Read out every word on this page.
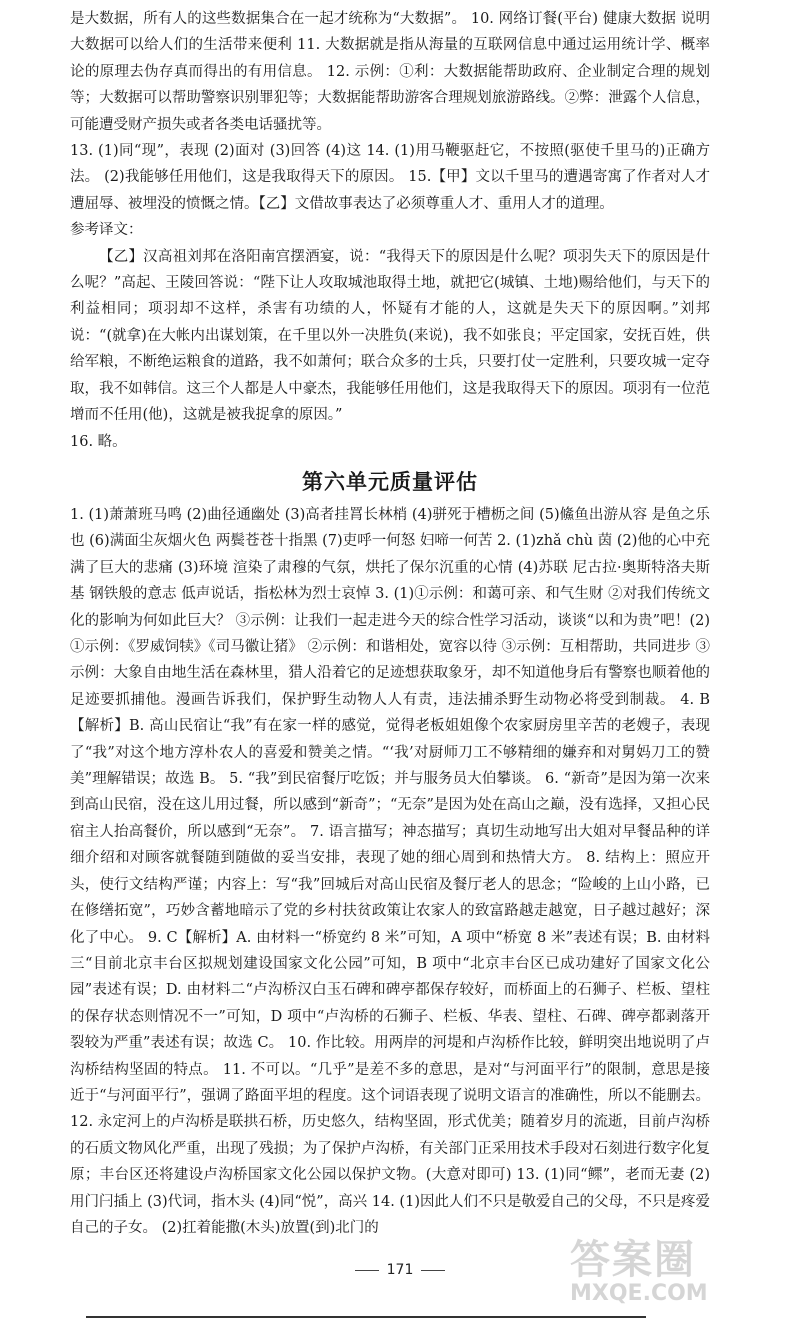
是大数据，所有人的这些数据集合在一起才统称为“大数据”。 10. 网络订餐(平台) 健康大数据 说明大数据可以给人们的生活带来便利 11. 大数据就是指从海量的互联网信息中通过运用统计学、概率论的原理去伪存真而得出的有用信息。 12. 示例：①利：大数据能帮助政府、企业制定合理的规划等；大数据可以帮助警察识别罪犯等；大数据能帮助游客合理规划旅游路线。②弊：泄露个人信息，可能遭受财产损失或者各类电话骚扰等。

13. (1)同“现”，表现 (2)面对 (3)回答 (4)这 14. (1)用马鞭驱赶它，不按照(驱使千里马的)正确方法。 (2)我能够任用他们，这是我取得天下的原因。 15.【甲】文以千里马的遭遇寄寓了作者对人才遭屈辱、被埋没的愤慨之情。【乙】文借故事表达了必须尊重人才、重用人才的道理。

参考译文：

【乙】汉高祖刘邦在洛阳南宫摆酒宴，说：“我得天下的原因是什么呢？项羽失天下的原因是什么呢？”高起、王陵回答说：“陛下让人攻取城池取得土地，就把它(城镇、土地)赐给他们，与天下的利益相同；项羽却不这样，杀害有功绩的人，怀疑有才能的人，这就是失天下的原因啊。”刘邦说：“(就拿)在大帐内出谋划策，在千里以外一决胜负(来说)，我不如张良；平定国家，安抚百姓，供给军粮，不断绝运粮食的道路，我不如萧何；联合众多的士兵，只要打仗一定胜利，只要攻城一定夺取，我不如韩信。这三个人都是人中豪杰，我能够任用他们，这是我取得天下的原因。项羽有一位范增而不任用(他)，这就是被我捉拿的原因。”

16. 略。

第六单元质量评估

1. (1)萧萧班马鸣 (2)曲径通幽处 (3)高者挂罥长林梢 (4)骈死于槽枥之间 (5)鯈鱼出游从容 是鱼之乐也 (6)满面尘灰烟火色 两鬓苍苍十指黑 (7)吏呼一何怒 妇啼一何苦 2. (1)zhǎ chù 茵 (2)他的心中充满了巨大的悲痛 (3)环境 渲染了肃穆的气氛，烘托了保尔沉重的心情 (4)苏联 尼古拉·奥斯特洛夫斯基 钢铁般的意志 低声说话，指松林为烈士哀悼 3. (1)①示例：和蔼可亲、和气生财 ②对我们传统文化的影响为何如此巨大？ ③示例：让我们一起走进今天的综合性学习活动，谈谈“以和为贵”吧！(2)①示例：《罗威饲犊》《司马徽让猪》 ②示例：和谐相处，宽容以待 ③示例：互相帮助，共同进步 ③示例：大象自由地生活在森林里，猎人沿着它的足迹想获取象牙，却不知道他身后有警察也顺着他的足迹要抓捕他。漫画告诉我们，保护野生动物人人有责，违法捕杀野生动物必将受到制裁。 4. B【解析】B. 高山民宿让“我”有在家一样的感觉，觉得老板姐姐像个农家厨房里辛苦的老嫂子，表现了“我”对这个地方淳朴农人的喜爱和赞美之情。“‘我’对厨师刀工不够精细的嫌弃和对舅妈刀工的赞美”理解错误；故选 B。 5. “我”到民宿餐厅吃饭；并与服务员大伯攀谈。 6. “新奇”是因为第一次来到高山民宿，没在这儿用过餐，所以感到“新奇”；“无奈”是因为处在高山之巅，没有选择，又担心民宿主人抬高餐价，所以感到“无奈”。 7. 语言描写；神态描写；真切生动地写出大姐对早餐品种的详细介绍和对顾客就餐随到随做的妥当安排，表现了她的细心周到和热情大方。 8. 结构上：照应开头，使行文结构严谨；内容上：写“我”回城后对高山民宿及餐厅老人的思念；“险峻的上山小路，已在修缮拓宽”，巧妙含蓄地暗示了党的乡村扶贫政策让农家人的致富路越走越宽，日子越过越好；深化了中心。 9. C【解析】A. 由材料一“桥宽约 8 米”可知，A 项中“桥宽 8 米”表述有误；B. 由材料三“目前北京丰台区拟规划建设国家文化公园”可知，B 项中“北京丰台区已成功建好了国家文化公园”表述有误；D. 由材料二“卢沟桥汉白玉石碑和碑亭都保存较好，而桥面上的石狮子、栏板、望柱的保存状态则情况不一”可知，D 项中“卢沟桥的石狮子、栏板、华表、望柱、石碑、碑亭都剥落开裂较为严重”表述有误；故选 C。 10. 作比较。用两岸的河堤和卢沟桥作比较，鲜明突出地说明了卢沟桥结构坚固的特点。 11. 不可以。“几乎”是差不多的意思，是对“与河面平行”的限制，意思是接近于“与河面平行”，强调了路面平坦的程度。这个词语表现了说明文语言的准确性，所以不能删去。 12. 永定河上的卢沟桥是联拱石桥，历史悠久，结构坚固，形式优美；随着岁月的流逝，目前卢沟桥的石质文物风化严重，出现了残损；为了保护卢沟桥，有关部门正采用技术手段对石刻进行数字化复原；丰台区还将建设卢沟桥国家文化公园以保护文物。(大意对即可) 13. (1)同“鳏”，老而无妻 (2)用门闩插上 (3)代词，指木头 (4)同“悦”，高兴 14. (1)因此人们不只是敬爱自己的父母，不只是疼爱自己的子女。 (2)扛着能撒(木头)放置(到)北门的

171	答案圈
MXQE.COM
